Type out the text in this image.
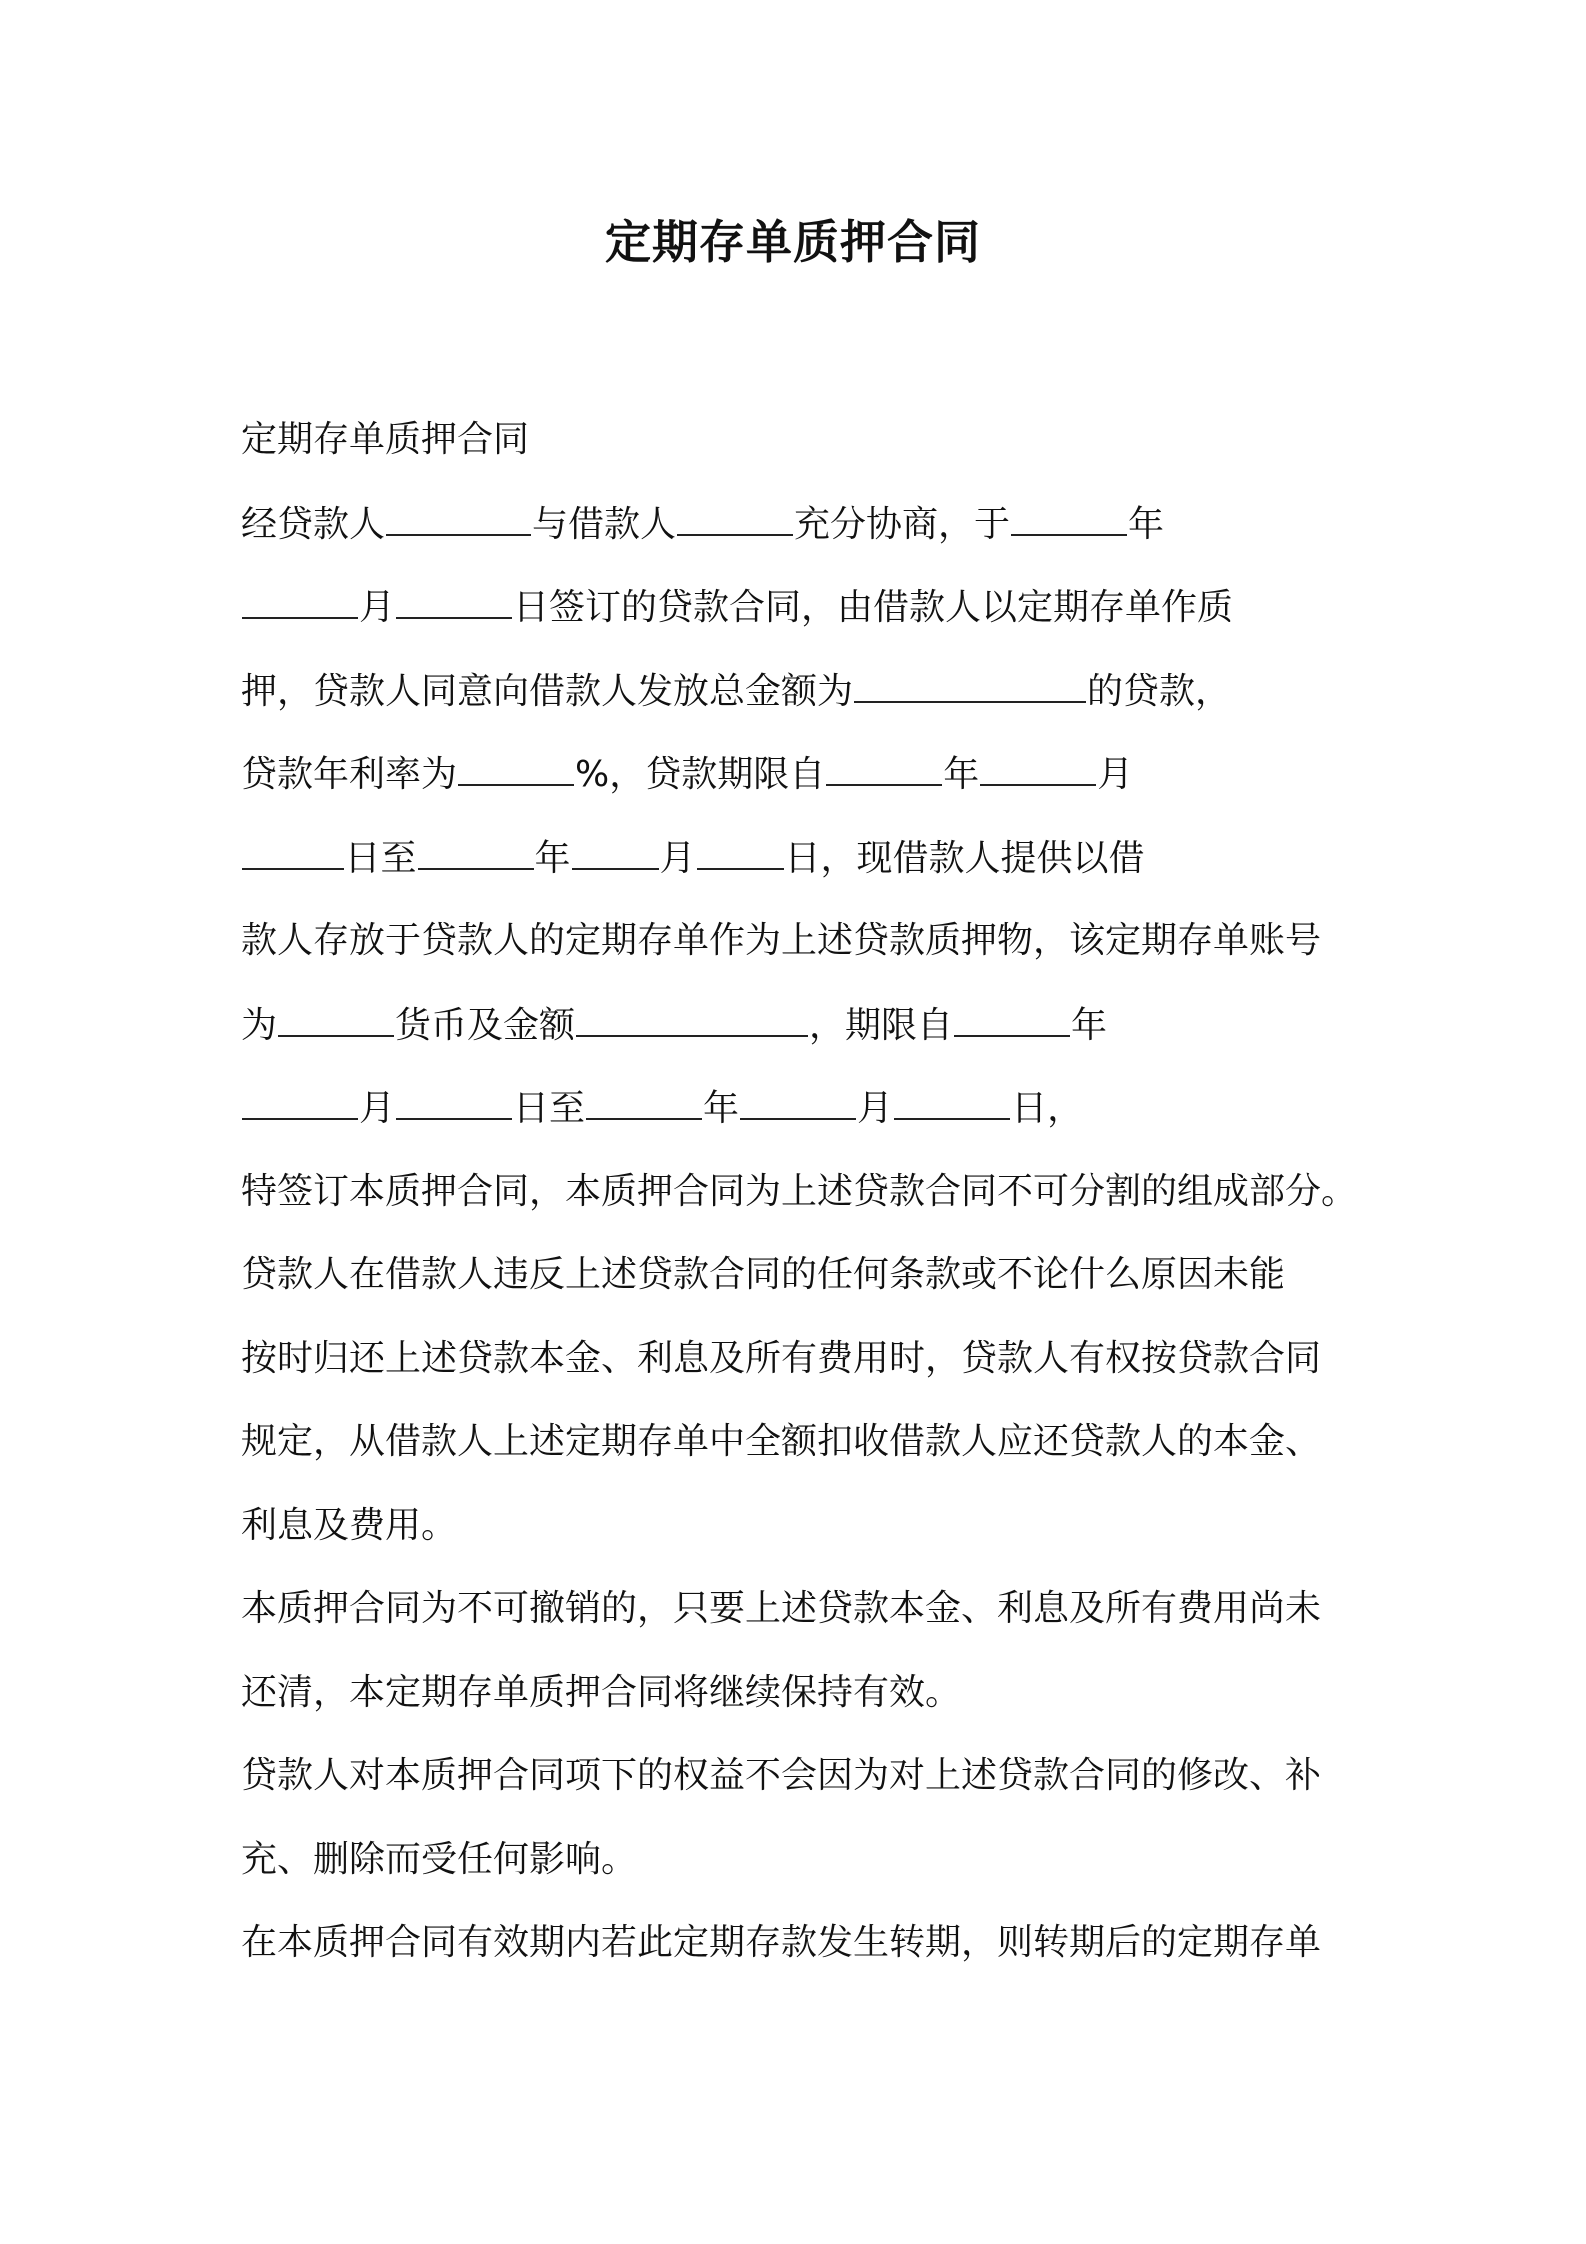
定期存单质押合同
定期存单质押合同
经贷款人	与借款人	充分协商，于	年
月	日签订的贷款合同，由借款人以定期存单作质
押，贷款人同意向借款人发放总金额为	的贷款，
贷款年利率为	%，贷款期限自	年	月
日至	年 月 日，现借款人提供以借
款人存放于贷款人的定期存单作为上述贷款质押物，该定期存单账号
为	货币及金额	，期限自	年
月	日至	年	月	日，
特签订本质押合同，本质押合同为上述贷款合同不可分割的组成部分。
贷款人在借款人违反上述贷款合同的任何条款或不论什么原因未能
按时归还上述贷款本金、利息及所有费用时，贷款人有权按贷款合同
规定，从借款人上述定期存单中全额扣收借款人应还贷款人的本金、
利息及费用。
本质押合同为不可撤销的，只要上述贷款本金、利息及所有费用尚未
还清，本定期存单质押合同将继续保持有效。
贷款人对本质押合同项下的权益不会因为对上述贷款合同的修改、补
充、删除而受任何影响。
在本质押合同有效期内若此定期存款发生转期，则转期后的定期存单
